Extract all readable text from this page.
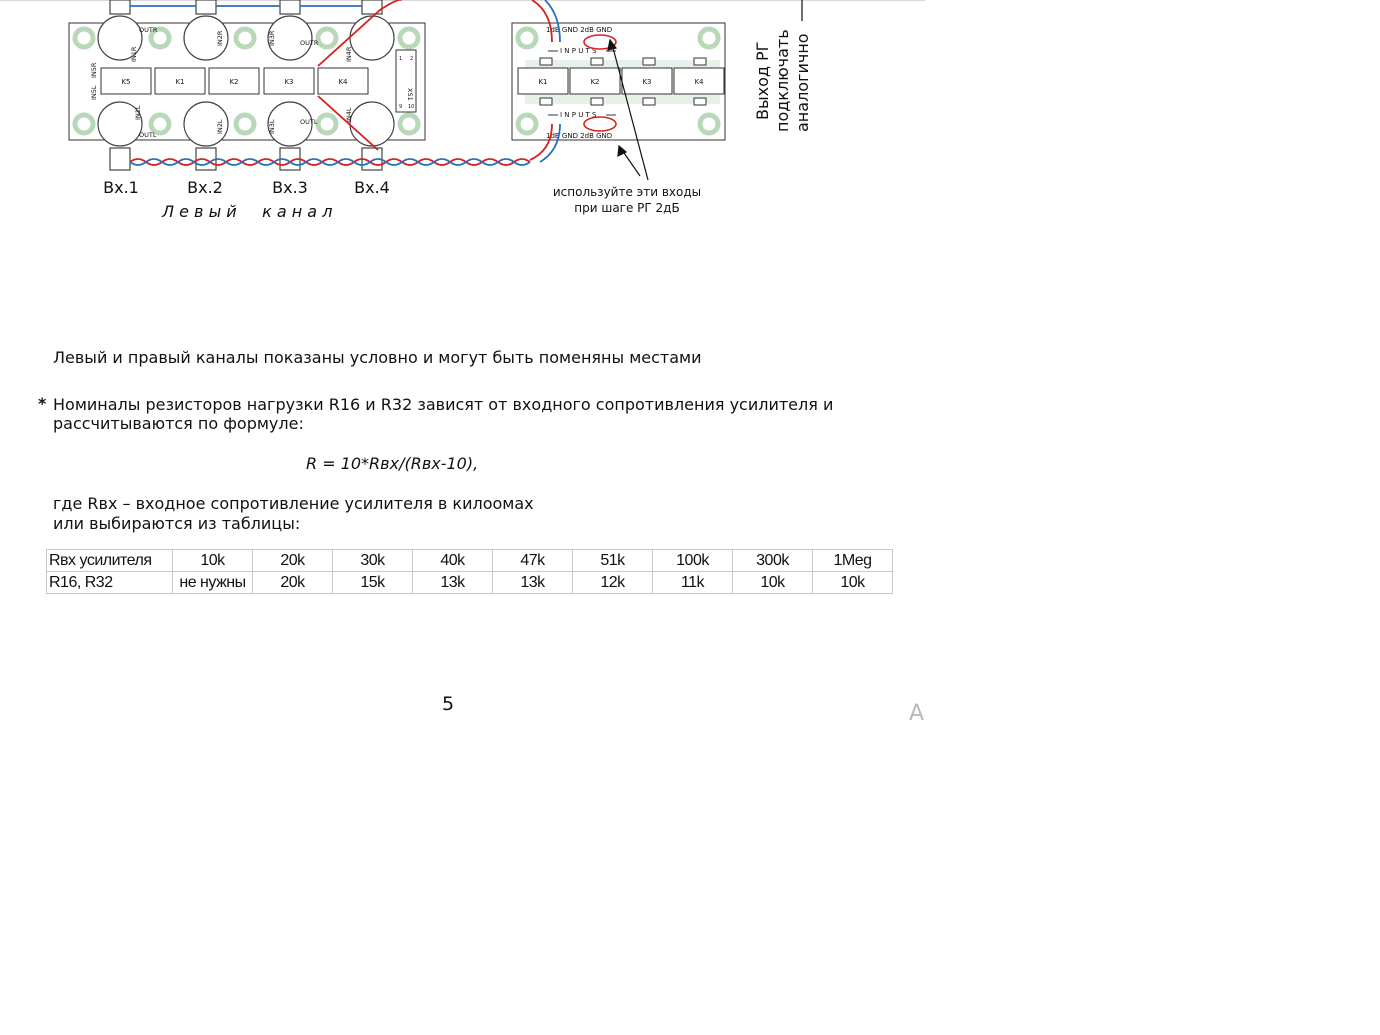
K5	K1	K2	K3	K4
OUTR
IN1R
IN2R	IN3R	OUTR
IN4R
IN5L
IN5R
IN1L
OUTL
IN2L	IN3L	OUTL	IN4L
XS1
1 2
9 10
Вх.1	Вх.2	Вх.3	Вх.4
Л е в ы й     к а н а л
K1	K2	K3	K4
1dB GND 2dB GND
1dB GND 2dB GND
I N P U T S
I N P U T S
используйте эти входы
при шаге РГ 2дБ
Выход РГ подключать аналогично
Левый и правый каналы показаны условно и могут быть поменяны местами
* Номиналы резисторов нагрузки R16 и R32 зависят от входного сопротивления усилителя и
рассчитываются по формуле:
R = 10*Rвх/(Rвх-10),
где Rвх – входное сопротивление усилителя в килоомах
или выбираются из таблицы:
Rвх усилителя	10k	20k	30k	40k	47k	51k	100k	300k	1Meg
R16, R32	не нужны	20k	15k	13k	13k	12k	11k	10k	10k
5	A
